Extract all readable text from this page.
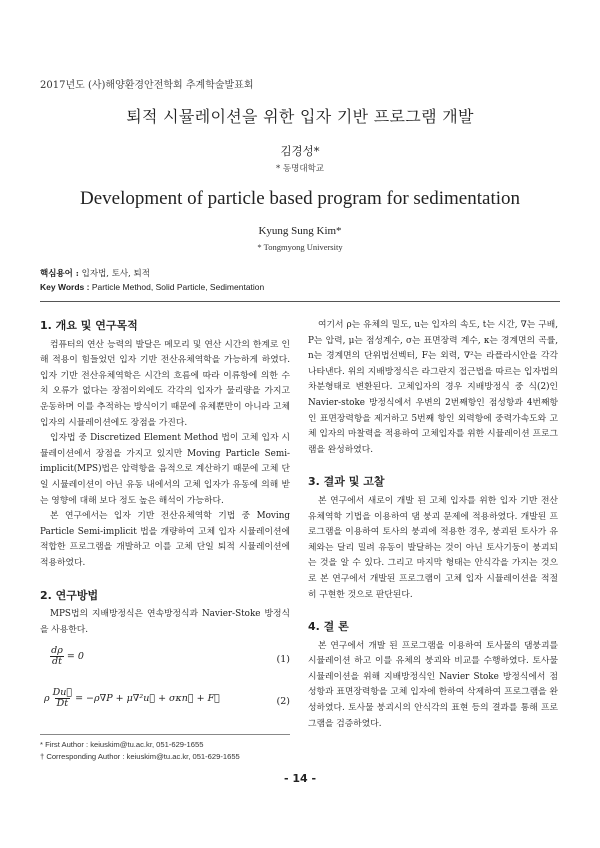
2017년도 (사)해양환경안전학회 추계학술발표회
퇴적 시뮬레이션을 위한 입자 기반 프로그램 개발
김경성*
* 동명대학교
Development of particle based program for sedimentation
Kyung Sung Kim*
* Tongmyong University
핵심용어 : 입자법, 토사, 퇴적
Key Words : Particle Method, Solid Particle, Sedimentation
1. 개요 및 연구목적

컴퓨터의 연산 능력의 발달은 메모리 및 연산 시간의 한계로 인해 적용이 힘들었던 입자 기반 전산유체역학을 가능하게 하였다. 입자 기반 전산유체역학은 시간의 흐름에 따라 이류항에 의한 수치 오류가 없다는 장점이외에도 각각의 입자가 물리량을 가지고 운동하며 이를 추적하는 방식이기 때문에 유체뿐만이 아니라 고체 입자의 시뮬레이션에도 장점을 가진다.

입자법 중 Discretized Element Method 법이 고체 입자 시뮬레이션에서 장점을 가지고 있지만 Moving Particle Semi-implicit(MPS)법은 압력항을 음적으로 계산하기 때문에 고체 단일 시뮬레이션이 아닌 유동 내에서의 고체 입자가 유동에 의해 받는 영향에 대해 보다 정도 높은 해석이 가능하다.

본 연구에서는 입자 기반 전산유체역학 기법 중 Moving Particle Semi-implicit 법을 개량하여 고체 입자 시뮬레이션에 적합한 프로그램을 개발하고 이를 고체 단일 퇴적 시뮬레이션에 적용하였다.

2. 연구방법

MPS법의 지배방정식은 연속방정식과 Navier-Stoke 방정식을 사용한다.

dρ
dt = 0	(1)
ρ Du⃗
Dt = −ρ∇P + μ∇²u⃗ + σκn⃗ + F⃗	(2)

여기서 ρ는 유체의 밀도, u는 입자의 속도, t는 시간, ∇는 구배, P는 압력, μ는 점성계수, σ는 표면장력 계수, κ는 경계면의 곡률, n는 경계면의 단위법선벡터, F는 외력, ∇²는 라플라시안을 각각 나타낸다. 위의 지배방정식은 라그란지 접근법을 따르는 입자법의 차분형태로 변환된다. 고체입자의 경우 지배방정식 중 식(2)인 Navier-stoke 방정식에서 우변의 2번째항인 점성항과 4번째항인 표면장력항을 제거하고 5번째 항인 외력항에 중력가속도와 고체 입자의 마찰력을 적용하여 고체입자를 위한 시뮬레이션 프로그램을 완성하였다.

3. 결과 및 고찰

본 연구에서 새로이 개발 된 고체 입자를 위한 입자 기반 전산유체역학 기법을 이용하여 댐 붕괴 문제에 적용하였다. 개발된 프로그램을 이용하여 토사의 붕괴에 적용한 경우, 붕괴된 토사가 유체와는 달리 밀려 유동이 발달하는 것이 아닌 토사기둥이 붕괴되는 것을 알 수 있다. 그리고 마지막 형태는 안식각을 가지는 것으로 본 연구에서 개발된 프로그램이 고체 입자 시뮬레이션을 적절히 구현한 것으로 판단된다.

4. 결 론

본 연구에서 개발 된 프로그램을 이용하여 토사물의 댐붕괴를 시뮬레이션 하고 이를 유체의 붕괴와 비교를 수행하였다. 토사물 시뮬레이션을 위해 지배방정식인 Navier Stoke 방정식에서 점성항과 표면장력항을 고체 입자에 한하여 삭제하여 프로그램을 완성하였다. 토사물 붕괴시의 안식각의 표현 등의 결과를 통해 프로그램을 검증하였다.

* First Author : keiuskim@tu.ac.kr, 051-629-1655
† Corresponding Author : keiuskim@tu.ac.kr, 051-629-1655
- 14 -
